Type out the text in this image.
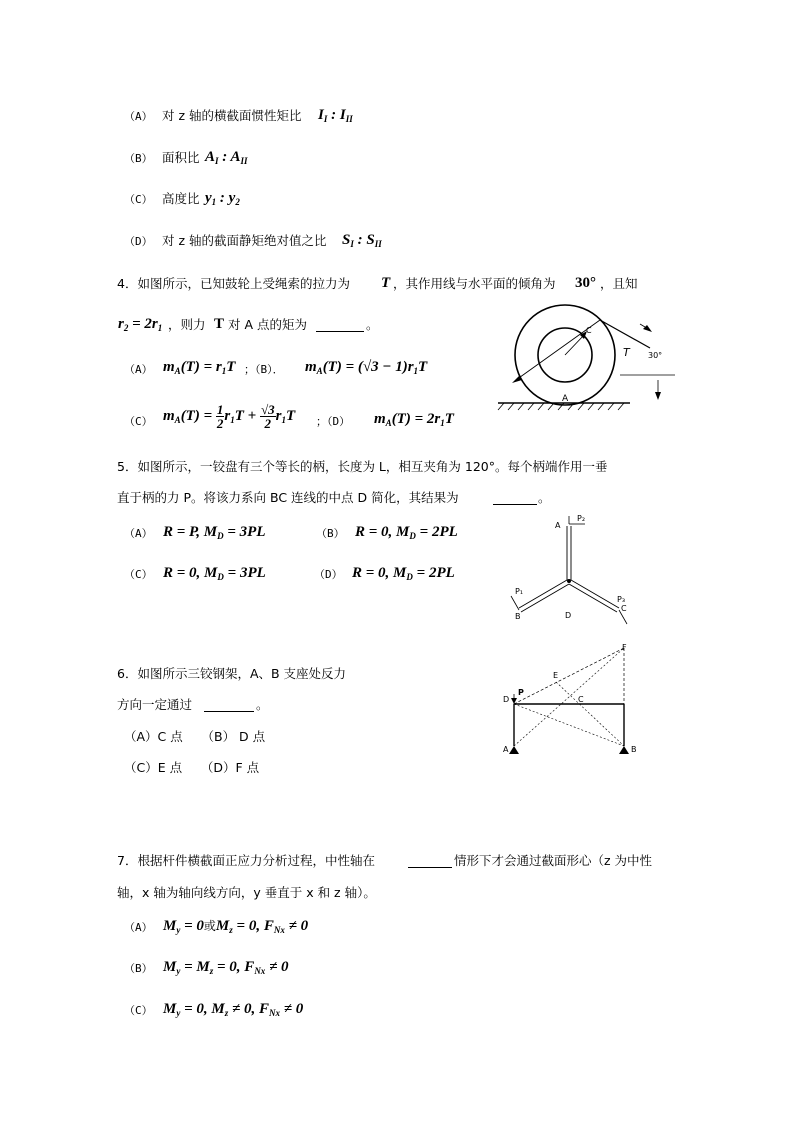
（A） 对 z 轴的横截面惯性矩比 $I_I$ : $I_{II}$
（B） 面积比 $A_I$ : $A_{II}$
（C） 高度比 $y_1$ : $y_2$
（D） 对 z 轴的截面静矩绝对值之比 $S_I$ : $S_{II}$
4．如图所示，已知鼓轮上受绳索的拉力为 T ，其作用线与水平面的倾角为 30° ，且知
$r_2 = 2r_1$ ，则力 T 对 A 点的矩为	。
（A） $m_A(T) = r_1T$ ；（B）． $m_A(T) = (√3 - 1)r_1T$
（C） $m_A(T) = \frac{1}{2} r_1T + \frac{√3}{2} r_1T$ ；（D） $m_A(T) = 2r_1T$
T 30°
A
C
5．如图所示，一铰盘有三个等长的柄，长度为 L，相互夹角为 120°。每个柄端作用一垂
直于柄的力 P。将该力系向 BC 连线的中点 D 简化，其结果为	。
（A） R = P, $M_D = 3PL$	（B） R = 0, $M_D = 2PL$
（C） R = 0, $M_D = 3PL$	（D） R = 0, $M_D = 2PL$
A
P₂
P₁
B	D
P₃
C
6．如图所示三铰钢架，A、B 支座处反力
方向一定通过	。
（A）C 点　　（B） D 点
（C）E 点　　（D）F 点
F
E
C
D
P
A	B
7．根据杆件横截面正应力分析过程，中性轴在	情形下才会通过截面形心（z 为中性
轴，x 轴为轴向线方向，y 垂直于 x 和 z 轴）。
（A） $M_y = 0$或$M_z = 0$, $F_{Nx} \ne 0$
（B） $M_y = M_z = 0$, $F_{Nx} \ne 0$
（C） $M_y = 0$, $M_z \ne 0$, $F_{Nx} \ne 0$
